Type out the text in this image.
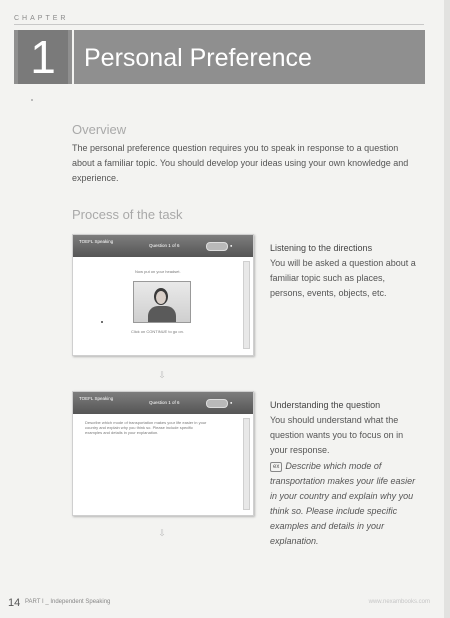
CHAPTER
1	Personal Preference
Overview
The personal preference question requires you to speak in response to a question about a familiar topic. You should develop your ideas using your own knowledge and experience.
Process of the task
TOEFL Speaking
Question 1 of 6	●
Now put on your headset.
Click on CONTINUE to go on.
⇩
TOEFL Speaking
Question 1 of 6	●
Describe which mode of transportation makes your life easier in your country and explain why you think so. Please include specific examples and details in your explanation.
⇩
Listening to the directions
You will be asked a question about a familiar topic such as places, persons, events, objects, etc.
Understanding the question
You should understand what the question wants you to focus on in your response.
ex Describe which mode of transportation makes your life easier in your country and explain why you think so. Please include specific examples and details in your explanation.
14 PART I _ Independent Speaking	www.nexambooks.com
